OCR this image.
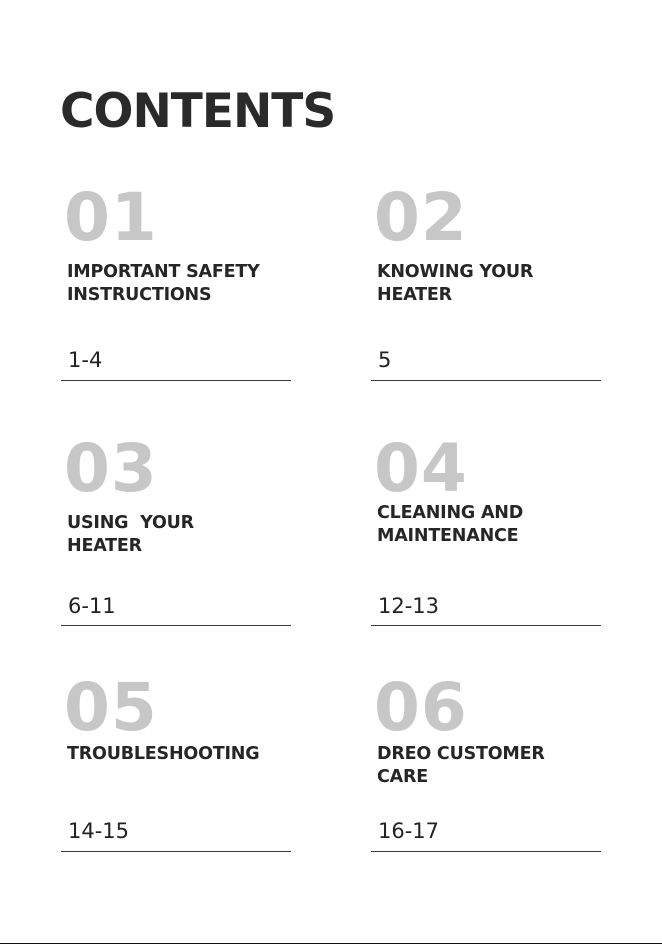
CONTENTS
01
IMPORTANT SAFETY
INSTRUCTIONS
1-4
02
KNOWING YOUR
HEATER
5
03
USING  YOUR
HEATER
6-11
04
CLEANING AND
MAINTENANCE
12-13
05
TROUBLESHOOTING
14-15
06
DREO CUSTOMER
CARE
16-17
